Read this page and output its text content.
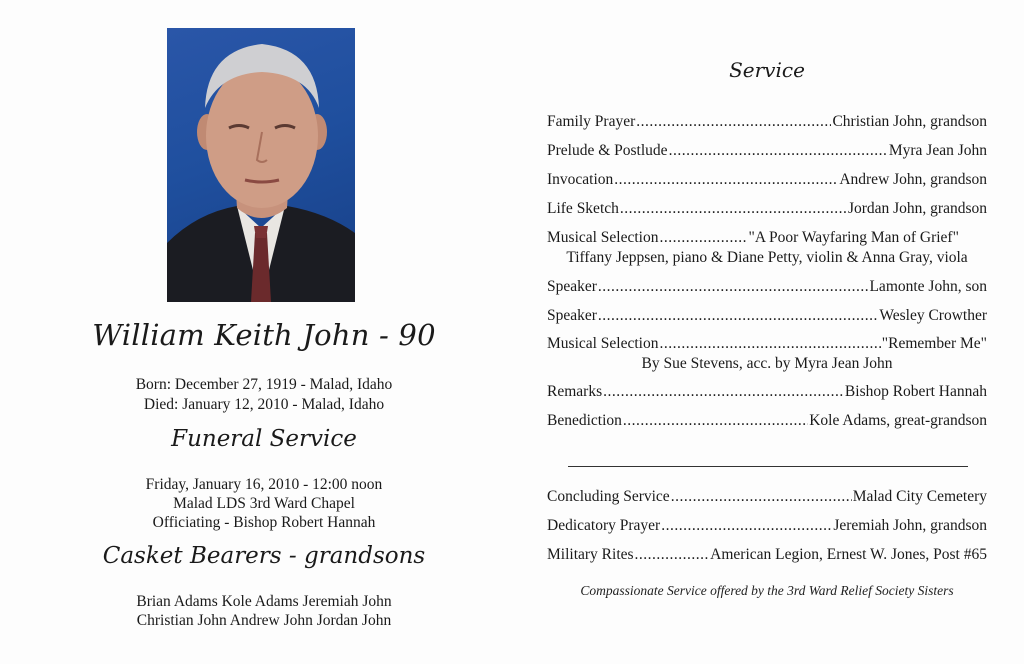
William Keith John - 90
Born: December 27, 1919 - Malad, Idaho
Died: January 12, 2010 - Malad, Idaho
Funeral Service
Friday, January 16, 2010 - 12:00 noon
Malad LDS 3rd Ward Chapel
Officiating - Bishop Robert Hannah
Casket Bearers - grandsons
Brian Adams Kole Adams Jeremiah John
Christian John Andrew John Jordan John
Service
Family Prayer .....	Christian John, grandson
Prelude & Postlude .....	Myra Jean John
Invocation .....	Andrew John, grandson
Life Sketch .....	Jordan John, grandson
Musical Selection .....	"A Poor Wayfaring Man of Grief"
Tiffany Jeppsen, piano & Diane Petty, violin & Anna Gray, viola
Speaker .....	Lamonte John, son
Speaker .....	Wesley Crowther
Musical Selection .....	"Remember Me"
By Sue Stevens, acc. by Myra Jean John
Remarks .....	Bishop Robert Hannah
Benediction .....	Kole Adams, great-grandson
Concluding Service .....	Malad City Cemetery
Dedicatory Prayer .....	Jeremiah John, grandson
Military Rites .....	American Legion, Ernest W. Jones, Post #65
Compassionate Service offered by the 3rd Ward Relief Society Sisters
